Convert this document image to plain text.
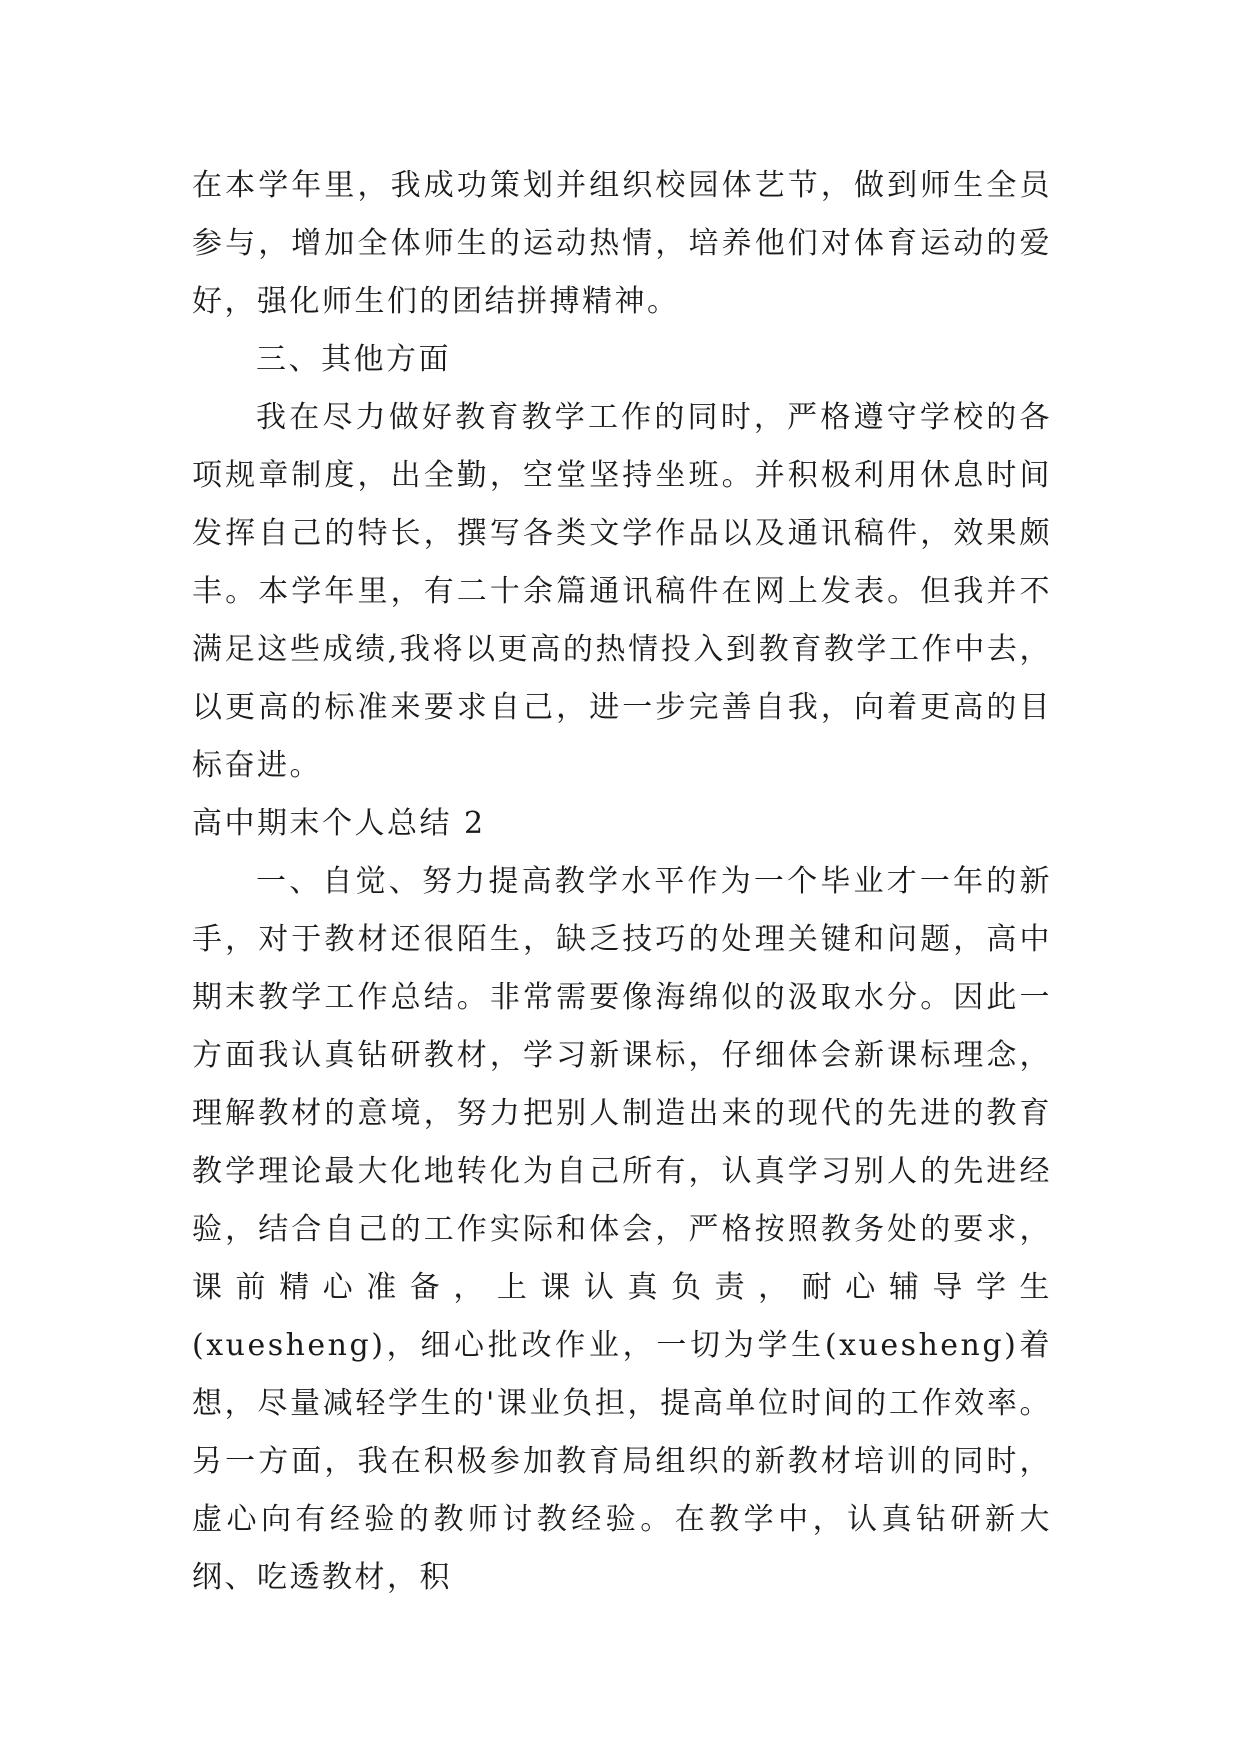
在本学年里，我成功策划并组织校园体艺节，做到师生全员参与，增加全体师生的运动热情，培养他们对体育运动的爱好，强化师生们的团结拼搏精神。

三、其他方面

我在尽力做好教育教学工作的同时，严格遵守学校的各项规章制度，出全勤，空堂坚持坐班。并积极利用休息时间发挥自己的特长，撰写各类文学作品以及通讯稿件，效果颇丰。本学年里，有二十余篇通讯稿件在网上发表。但我并不满足这些成绩,我将以更高的热情投入到教育教学工作中去，以更高的标准来要求自己，进一步完善自我，向着更高的目标奋进。

高中期末个人总结 2

一、自觉、努力提高教学水平作为一个毕业才一年的新手，对于教材还很陌生，缺乏技巧的处理关键和问题，高中期末教学工作总结。非常需要像海绵似的汲取水分。因此一方面我认真钻研教材，学习新课标，仔细体会新课标理念，理解教材的意境，努力把别人制造出来的现代的先进的教育教学理论最大化地转化为自己所有，认真学习别人的先进经验，结合自己的工作实际和体会，严格按照教务处的要求，课前精心准备，上课认真负责，耐心辅导学生(xuesheng)，细心批改作业，一切为学生(xuesheng)着想，尽量减轻学生的'课业负担，提高单位时间的工作效率。另一方面，我在积极参加教育局组织的新教材培训的同时，虚心向有经验的教师讨教经验。在教学中，认真钻研新大纲、吃透教材，积
